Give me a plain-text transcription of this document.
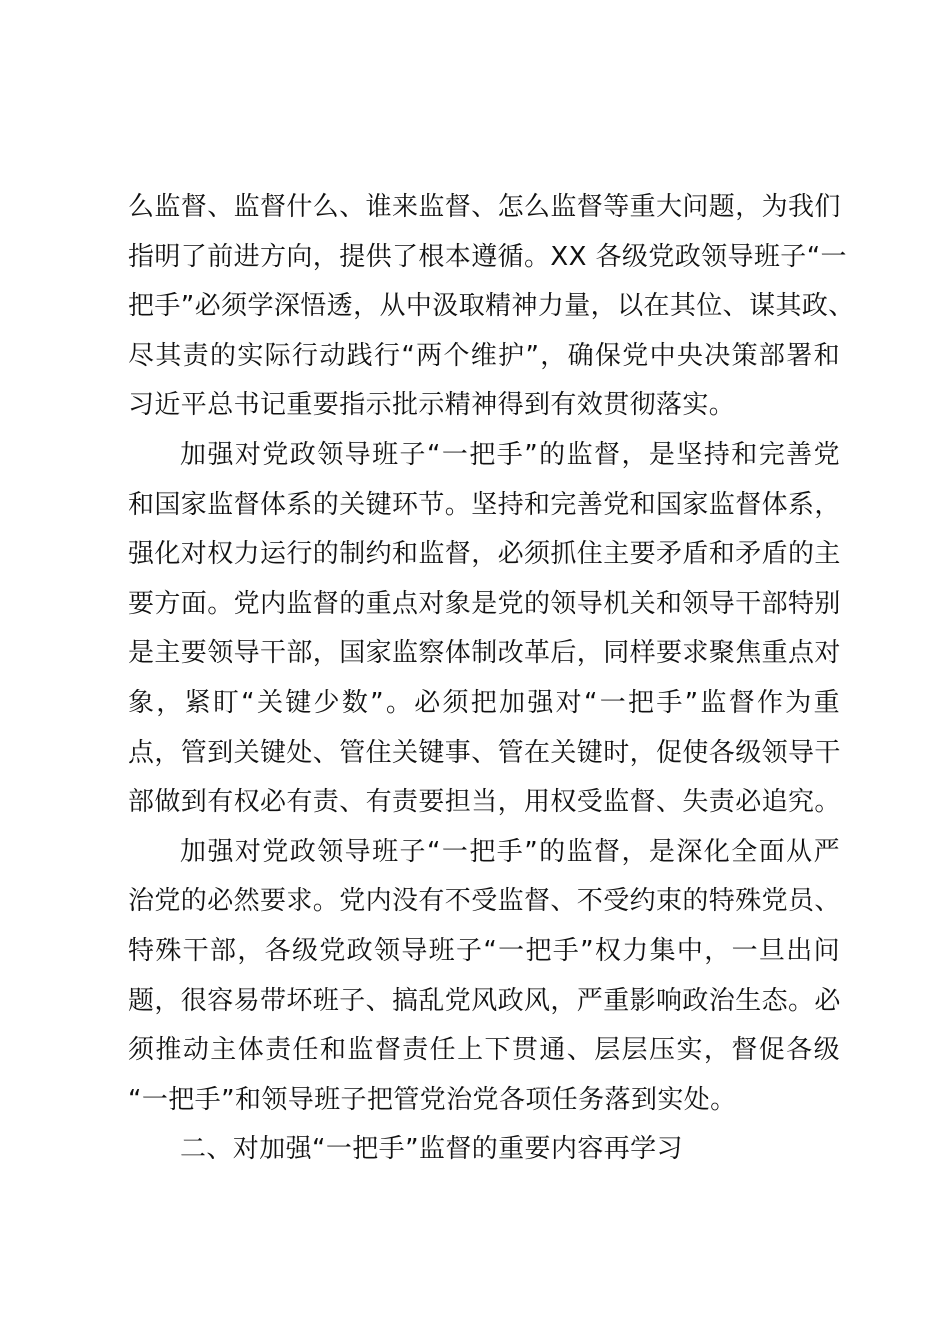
么监督、监督什么、谁来监督、怎么监督等重大问题，为我们
指明了前进方向，提供了根本遵循。XX 各级党政领导班子“一
把手”必须学深悟透，从中汲取精神力量，以在其位、谋其政、
尽其责的实际行动践行“两个维护”，确保党中央决策部署和
习近平总书记重要指示批示精神得到有效贯彻落实。
加强对党政领导班子“一把手”的监督，是坚持和完善党
和国家监督体系的关键环节。坚持和完善党和国家监督体系，
强化对权力运行的制约和监督，必须抓住主要矛盾和矛盾的主
要方面。党内监督的重点对象是党的领导机关和领导干部特别
是主要领导干部，国家监察体制改革后，同样要求聚焦重点对
象，紧盯“关键少数”。必须把加强对“一把手”监督作为重
点，管到关键处、管住关键事、管在关键时，促使各级领导干
部做到有权必有责、有责要担当，用权受监督、失责必追究。
加强对党政领导班子“一把手”的监督，是深化全面从严
治党的必然要求。党内没有不受监督、不受约束的特殊党员、
特殊干部，各级党政领导班子“一把手”权力集中，一旦出问
题，很容易带坏班子、搞乱党风政风，严重影响政治生态。必
须推动主体责任和监督责任上下贯通、层层压实，督促各级
“一把手”和领导班子把管党治党各项任务落到实处。
二、对加强“一把手”监督的重要内容再学习
